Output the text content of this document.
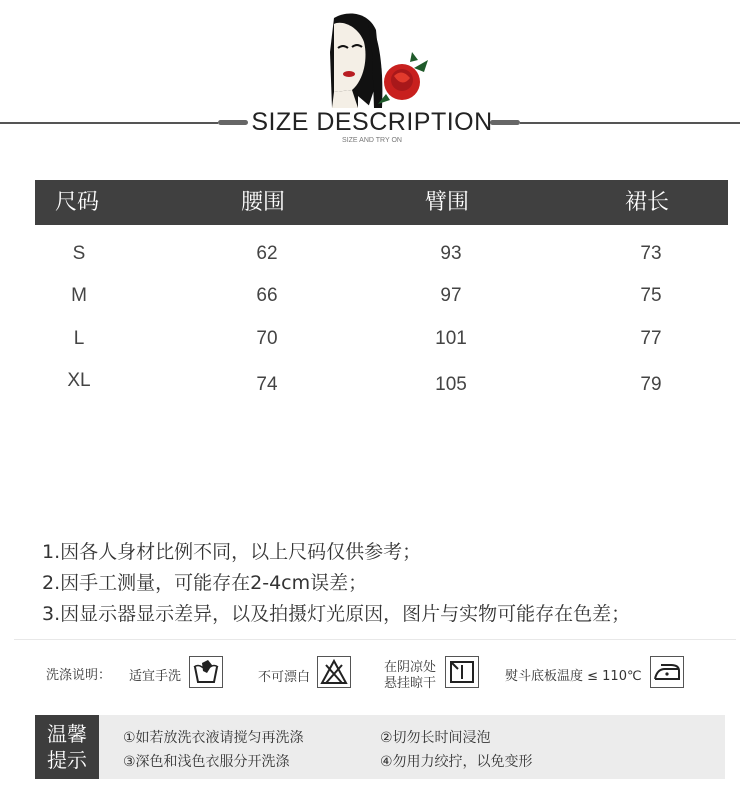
SIZE DESCRIPTION
SIZE AND TRY ON
尺码	腰围	臂围	裙长
S	62	93	73
M	66	97	75
L	70	101	77
XL	74	105	79
1.因各人身材比例不同，以上尺码仅供参考；
2.因手工测量，可能存在2-4cm误差；
3.因显示器显示差异，以及拍摄灯光原因，图片与实物可能存在色差；
洗涤说明： 适宜手洗	不可漂白
在阴凉处
悬挂晾干	熨斗底板温度 ≤ 110℃
温馨
提示
①如若放洗衣液请搅匀再洗涤	②切勿长时间浸泡
③深色和浅色衣服分开洗涤	④勿用力绞拧，以免变形
